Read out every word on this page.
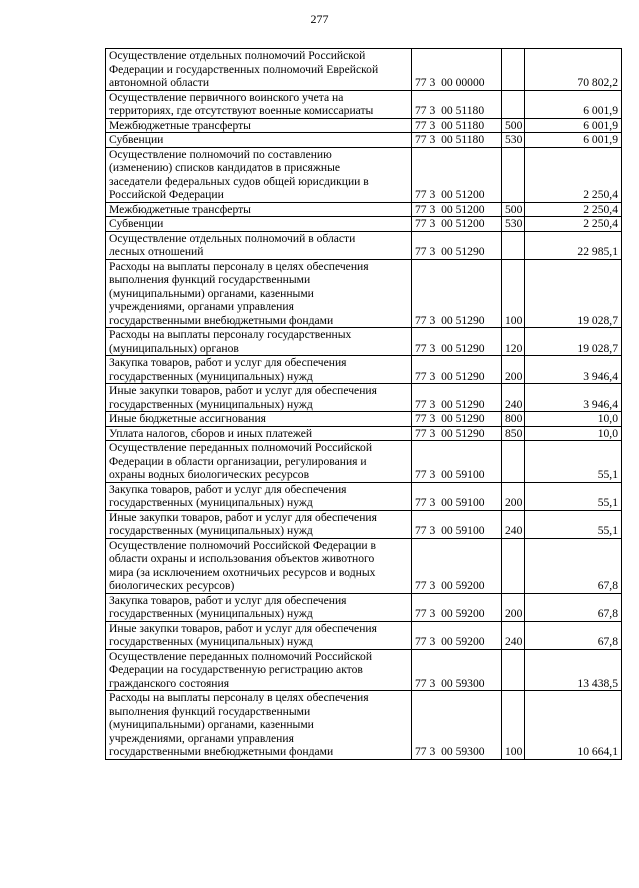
277
Осуществление отдельных полномочий Российской
Федерации и государственных полномочий Еврейской
автономной области	77 3  00 00000		70 802,2
Осуществление первичного воинского учета на
территориях, где отсутствуют военные комиссариаты	77 3  00 51180		6 001,9
Межбюджетные трансферты	77 3  00 51180	500	6 001,9
Субвенции	77 3  00 51180	530	6 001,9
Осуществление полномочий по составлению
(изменению) списков кандидатов в присяжные
заседатели федеральных судов общей юрисдикции в
Российской Федерации	77 3  00 51200		2 250,4
Межбюджетные трансферты	77 3  00 51200	500	2 250,4
Субвенции	77 3  00 51200	530	2 250,4
Осуществление отдельных полномочий в области
лесных отношений	77 3  00 51290		22 985,1
Расходы на выплаты персоналу в целях обеспечения
выполнения функций государственными
(муниципальными) органами, казенными
учреждениями, органами управления
государственными внебюджетными фондами	77 3  00 51290	100	19 028,7
Расходы на выплаты персоналу государственных
(муниципальных) органов	77 3  00 51290	120	19 028,7
Закупка товаров, работ и услуг для обеспечения
государственных (муниципальных) нужд	77 3  00 51290	200	3 946,4
Иные закупки товаров, работ и услуг для обеспечения
государственных (муниципальных) нужд	77 3  00 51290	240	3 946,4
Иные бюджетные ассигнования	77 3  00 51290	800	10,0
Уплата налогов, сборов и иных платежей	77 3  00 51290	850	10,0
Осуществление переданных полномочий Российской
Федерации в области организации, регулирования и
охраны водных биологических ресурсов	77 3  00 59100		55,1
Закупка товаров, работ и услуг для обеспечения
государственных (муниципальных) нужд	77 3  00 59100	200	55,1
Иные закупки товаров, работ и услуг для обеспечения
государственных (муниципальных) нужд	77 3  00 59100	240	55,1
Осуществление полномочий Российской Федерации в
области охраны и использования объектов животного
мира (за исключением охотничьих ресурсов и водных
биологических ресурсов)	77 3  00 59200		67,8
Закупка товаров, работ и услуг для обеспечения
государственных (муниципальных) нужд	77 3  00 59200	200	67,8
Иные закупки товаров, работ и услуг для обеспечения
государственных (муниципальных) нужд	77 3  00 59200	240	67,8
Осуществление переданных полномочий Российской
Федерации на государственную регистрацию актов
гражданского состояния	77 3  00 59300		13 438,5
Расходы на выплаты персоналу в целях обеспечения
выполнения функций государственными
(муниципальными) органами, казенными
учреждениями, органами управления
государственными внебюджетными фондами	77 3  00 59300	100	10 664,1
